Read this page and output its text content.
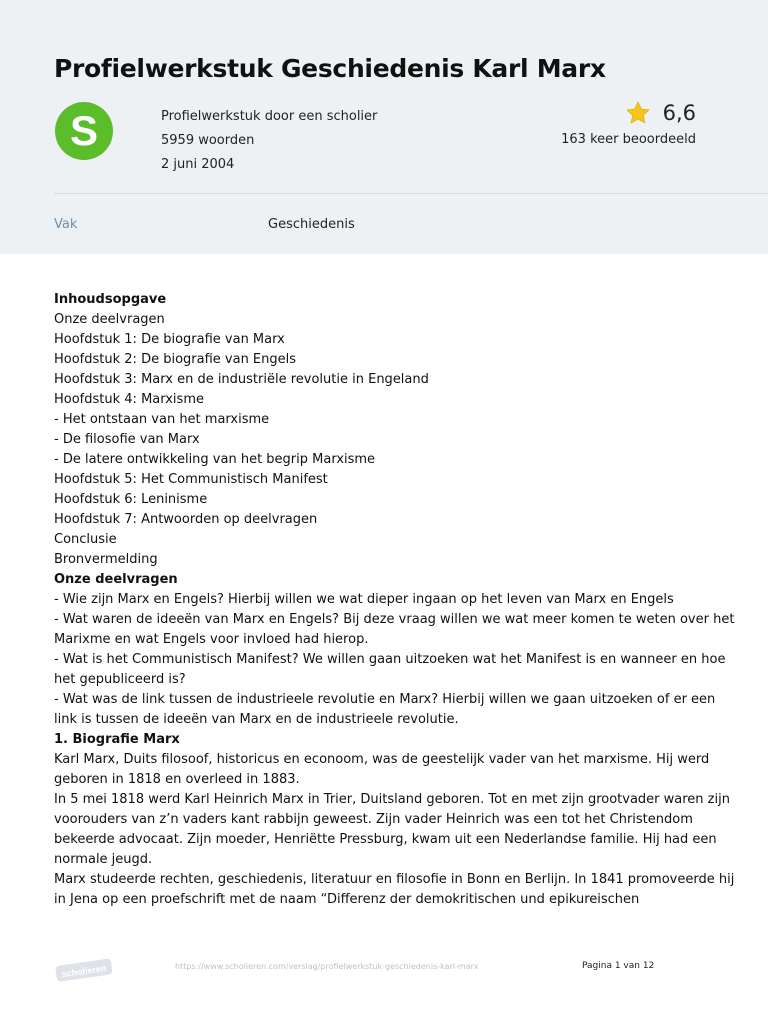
Profielwerkstuk Geschiedenis Karl Marx
S	Profielwerkstuk door een scholier
5959 woorden
2 juni 2004
6,6
163 keer beoordeeld
Vak	Geschiedenis

Inhoudsopgave

Onze deelvragen

Hoofdstuk 1: De biografie van Marx

Hoofdstuk 2: De biografie van Engels

Hoofdstuk 3: Marx en de industriële revolutie in Engeland

Hoofdstuk 4: Marxisme

- Het ontstaan van het marxisme

- De filosofie van Marx

- De latere ontwikkeling van het begrip Marxisme

Hoofdstuk 5: Het Communistisch Manifest

Hoofdstuk 6: Leninisme

Hoofdstuk 7: Antwoorden op deelvragen

Conclusie

Bronvermelding

Onze deelvragen

- Wie zijn Marx en Engels? Hierbij willen we wat dieper ingaan op het leven van Marx en Engels

- Wat waren de ideeën van Marx en Engels? Bij deze vraag willen we wat meer komen te weten over het Marixme en wat Engels voor invloed had hierop.

- Wat is het Communistisch Manifest? We willen gaan uitzoeken wat het Manifest is en wanneer en hoe het gepubliceerd is?

- Wat was de link tussen de industrieele revolutie en Marx? Hierbij willen we gaan uitzoeken of er een link is tussen de ideeën van Marx en de industrieele revolutie.

1. Biografie Marx

Karl Marx, Duits filosoof, historicus en econoom, was de geestelijk vader van het marxisme. Hij werd geboren in 1818 en overleed in 1883.

In 5 mei 1818 werd Karl Heinrich Marx in Trier, Duitsland geboren. Tot en met zijn grootvader waren zijn voorouders van z’n vaders kant rabbijn geweest. Zijn vader Heinrich was een tot het Christendom bekeerde advocaat. Zijn moeder, Henriëtte Pressburg, kwam uit een Nederlandse familie. Hij had een normale jeugd.

Marx studeerde rechten, geschiedenis, literatuur en filosofie in Bonn en Berlijn. In 1841 promoveerde hij in Jena op een proefschrift met de naam “Differenz der demokritischen und epikureischen

scholieren	https://www.scholieren.com/verslag/profielwerkstuk-geschiedenis-karl-marx	Pagina 1 van 12
